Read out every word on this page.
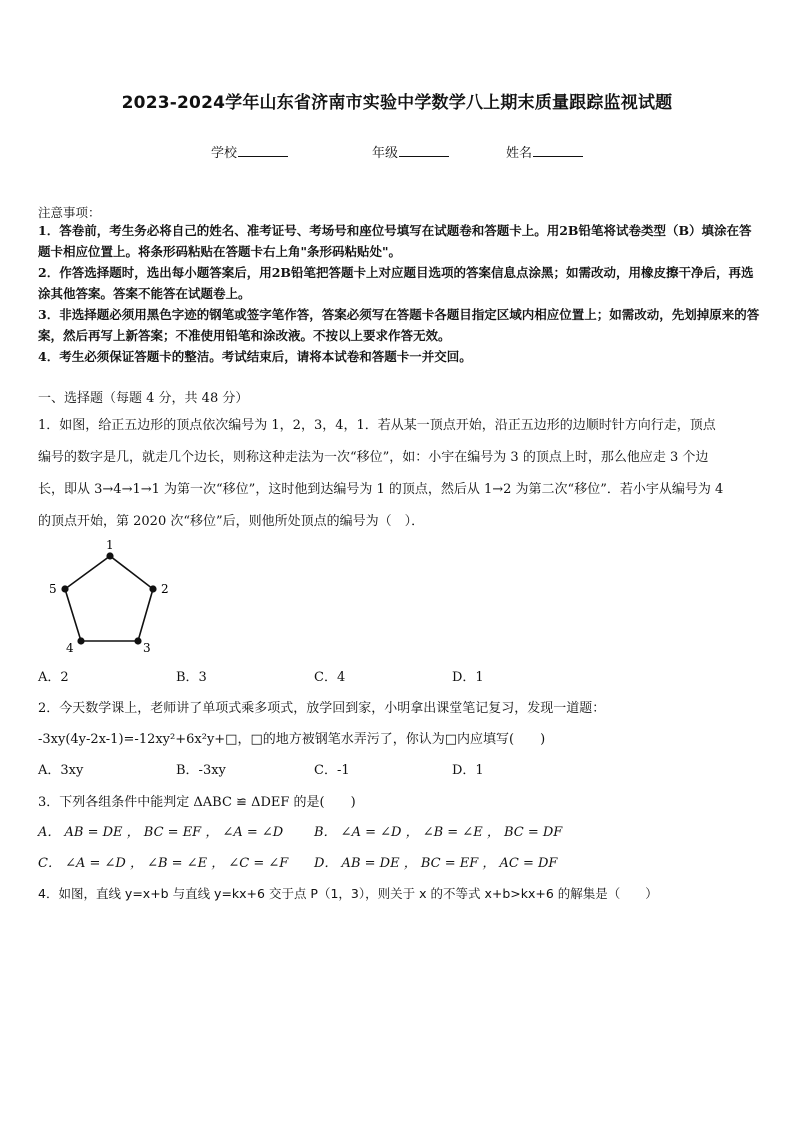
2023-2024学年山东省济南市实验中学数学八上期末质量跟踪监视试题
学校	年级	姓名
注意事项：
1．答卷前，考生务必将自己的姓名、准考证号、考场号和座位号填写在试题卷和答题卡上。用2B铅笔将试卷类型（B）填涂在答题卡相应位置上。将条形码粘贴在答题卡右上角"条形码粘贴处"。
2．作答选择题时，选出每小题答案后，用2B铅笔把答题卡上对应题目选项的答案信息点涂黑；如需改动，用橡皮擦干净后，再选涂其他答案。答案不能答在试题卷上。
3．非选择题必须用黑色字迹的钢笔或签字笔作答，答案必须写在答题卡各题目指定区域内相应位置上；如需改动，先划掉原来的答案，然后再写上新答案；不准使用铅笔和涂改液。不按以上要求作答无效。
4．考生必须保证答题卡的整洁。考试结束后，请将本试卷和答题卡一并交回。
一、选择题（每题 4 分，共 48 分）
1．如图，给正五边形的顶点依次编号为 1，2，3，4，1．若从某一顶点开始，沿正五边形的边顺时针方向行走，顶点
编号的数字是几，就走几个边长，则称这种走法为一次“移位”，如：小宇在编号为 3 的顶点上时，那么他应走 3 个边
长，即从 3→4→1→1 为第一次“移位”，这时他到达编号为 1 的顶点，然后从 1→2 为第二次“移位”．若小宇从编号为 4
的顶点开始，第 2020 次“移位”后，则他所处顶点的编号为（　）．
1
2
3
4
5
A．2	B．3	C．4	D．1
2．今天数学课上，老师讲了单项式乘多项式，放学回到家，小明拿出课堂笔记复习，发现一道题：
-3xy(4y-2x-1)=-12xy²+6x²y+□，□的地方被钢笔水弄污了，你认为□内应填写(　　)
A．3xy	B．-3xy	C．-1	D．1
3．下列各组条件中能判定 ΔABC ≌ ΔDEF 的是(　　)
A． AB = DE ， BC = EF ， ∠A = ∠D B． ∠A = ∠D ， ∠B = ∠E ， BC = DF
C． ∠A = ∠D ， ∠B = ∠E ， ∠C = ∠F D． AB = DE ， BC = EF ， AC = DF
4．如图，直线 y=x+b 与直线 y=kx+6 交于点 P（1，3），则关于 x 的不等式 x+b>kx+6 的解集是（　　）
